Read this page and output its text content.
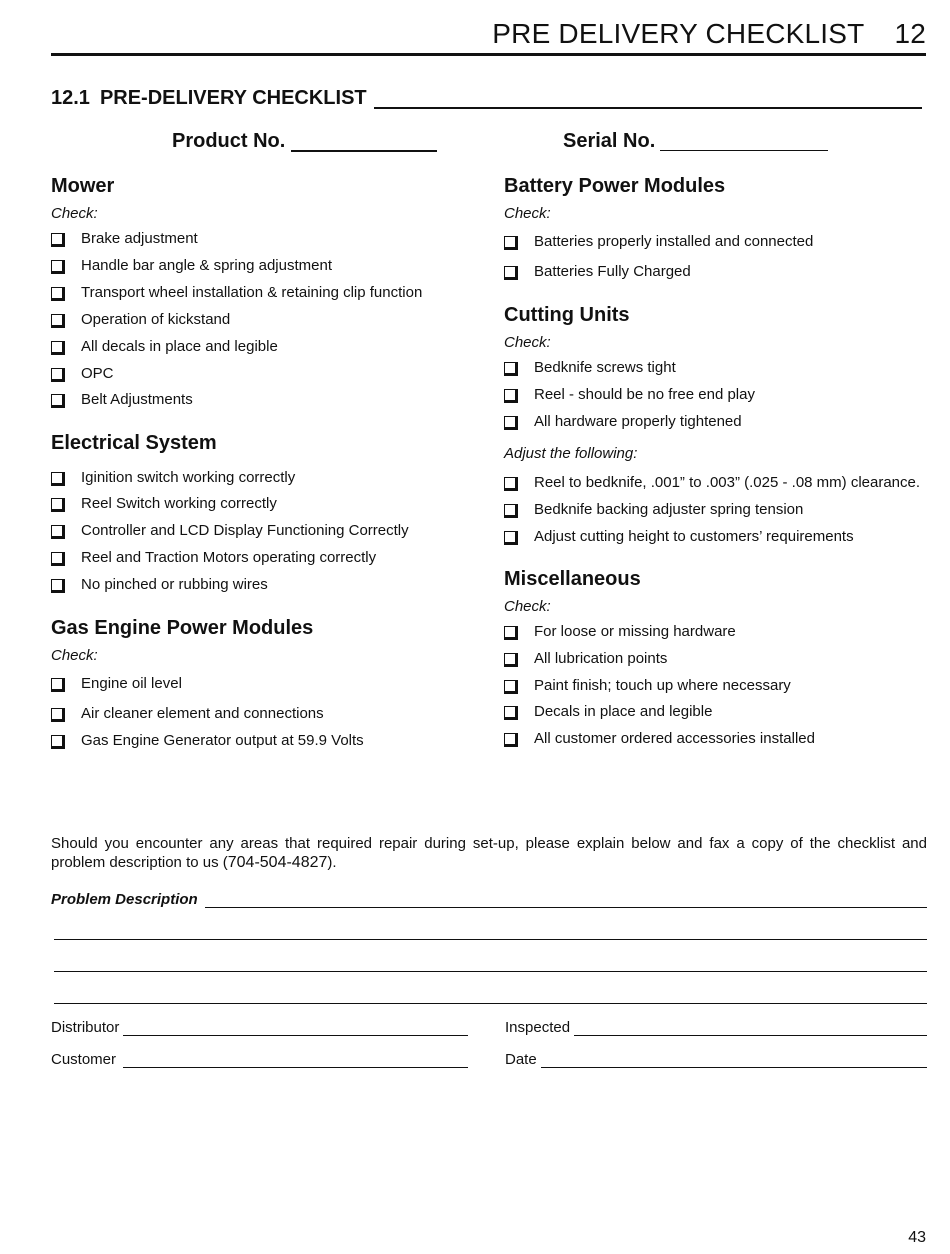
PRE DELIVERY CHECKLIST 12
12.1 PRE-DELIVERY CHECKLIST
Product No.	Serial No.
Mower
Check:
Brake adjustment
Handle bar angle & spring adjustment
Transport wheel installation & retaining clip function
Operation of kickstand
All decals in place and legible
OPC
Belt Adjustments
Electrical System
Iginition switch working correctly
Reel Switch working correctly
Controller and LCD Display Functioning Correctly
Reel and Traction Motors operating correctly
No pinched or rubbing wires
Gas Engine Power Modules
Check:
Engine oil level
Air cleaner element and connections
Gas Engine Generator output at 59.9 Volts
Battery Power Modules
Check:
Batteries properly installed and connected
Batteries Fully Charged
Cutting Units
Check:
Bedknife screws tight
Reel - should be no free end play
All hardware properly tightened
Adjust the following:
Reel to bedknife, .001” to .003” (.025 - .08 mm) clearance.
Bedknife backing adjuster spring tension
Adjust cutting height to customers’ requirements
Miscellaneous
Check:
For loose or missing hardware
All lubrication points
Paint finish; touch up where necessary
Decals in place and legible
All customer ordered accessories installed
Should you encounter any areas that required repair during set-up, please explain below and fax a copy of the checklist and problem description to us (704-504-4827).
Problem Description
Distributor	Inspected
Customer	Date
43
